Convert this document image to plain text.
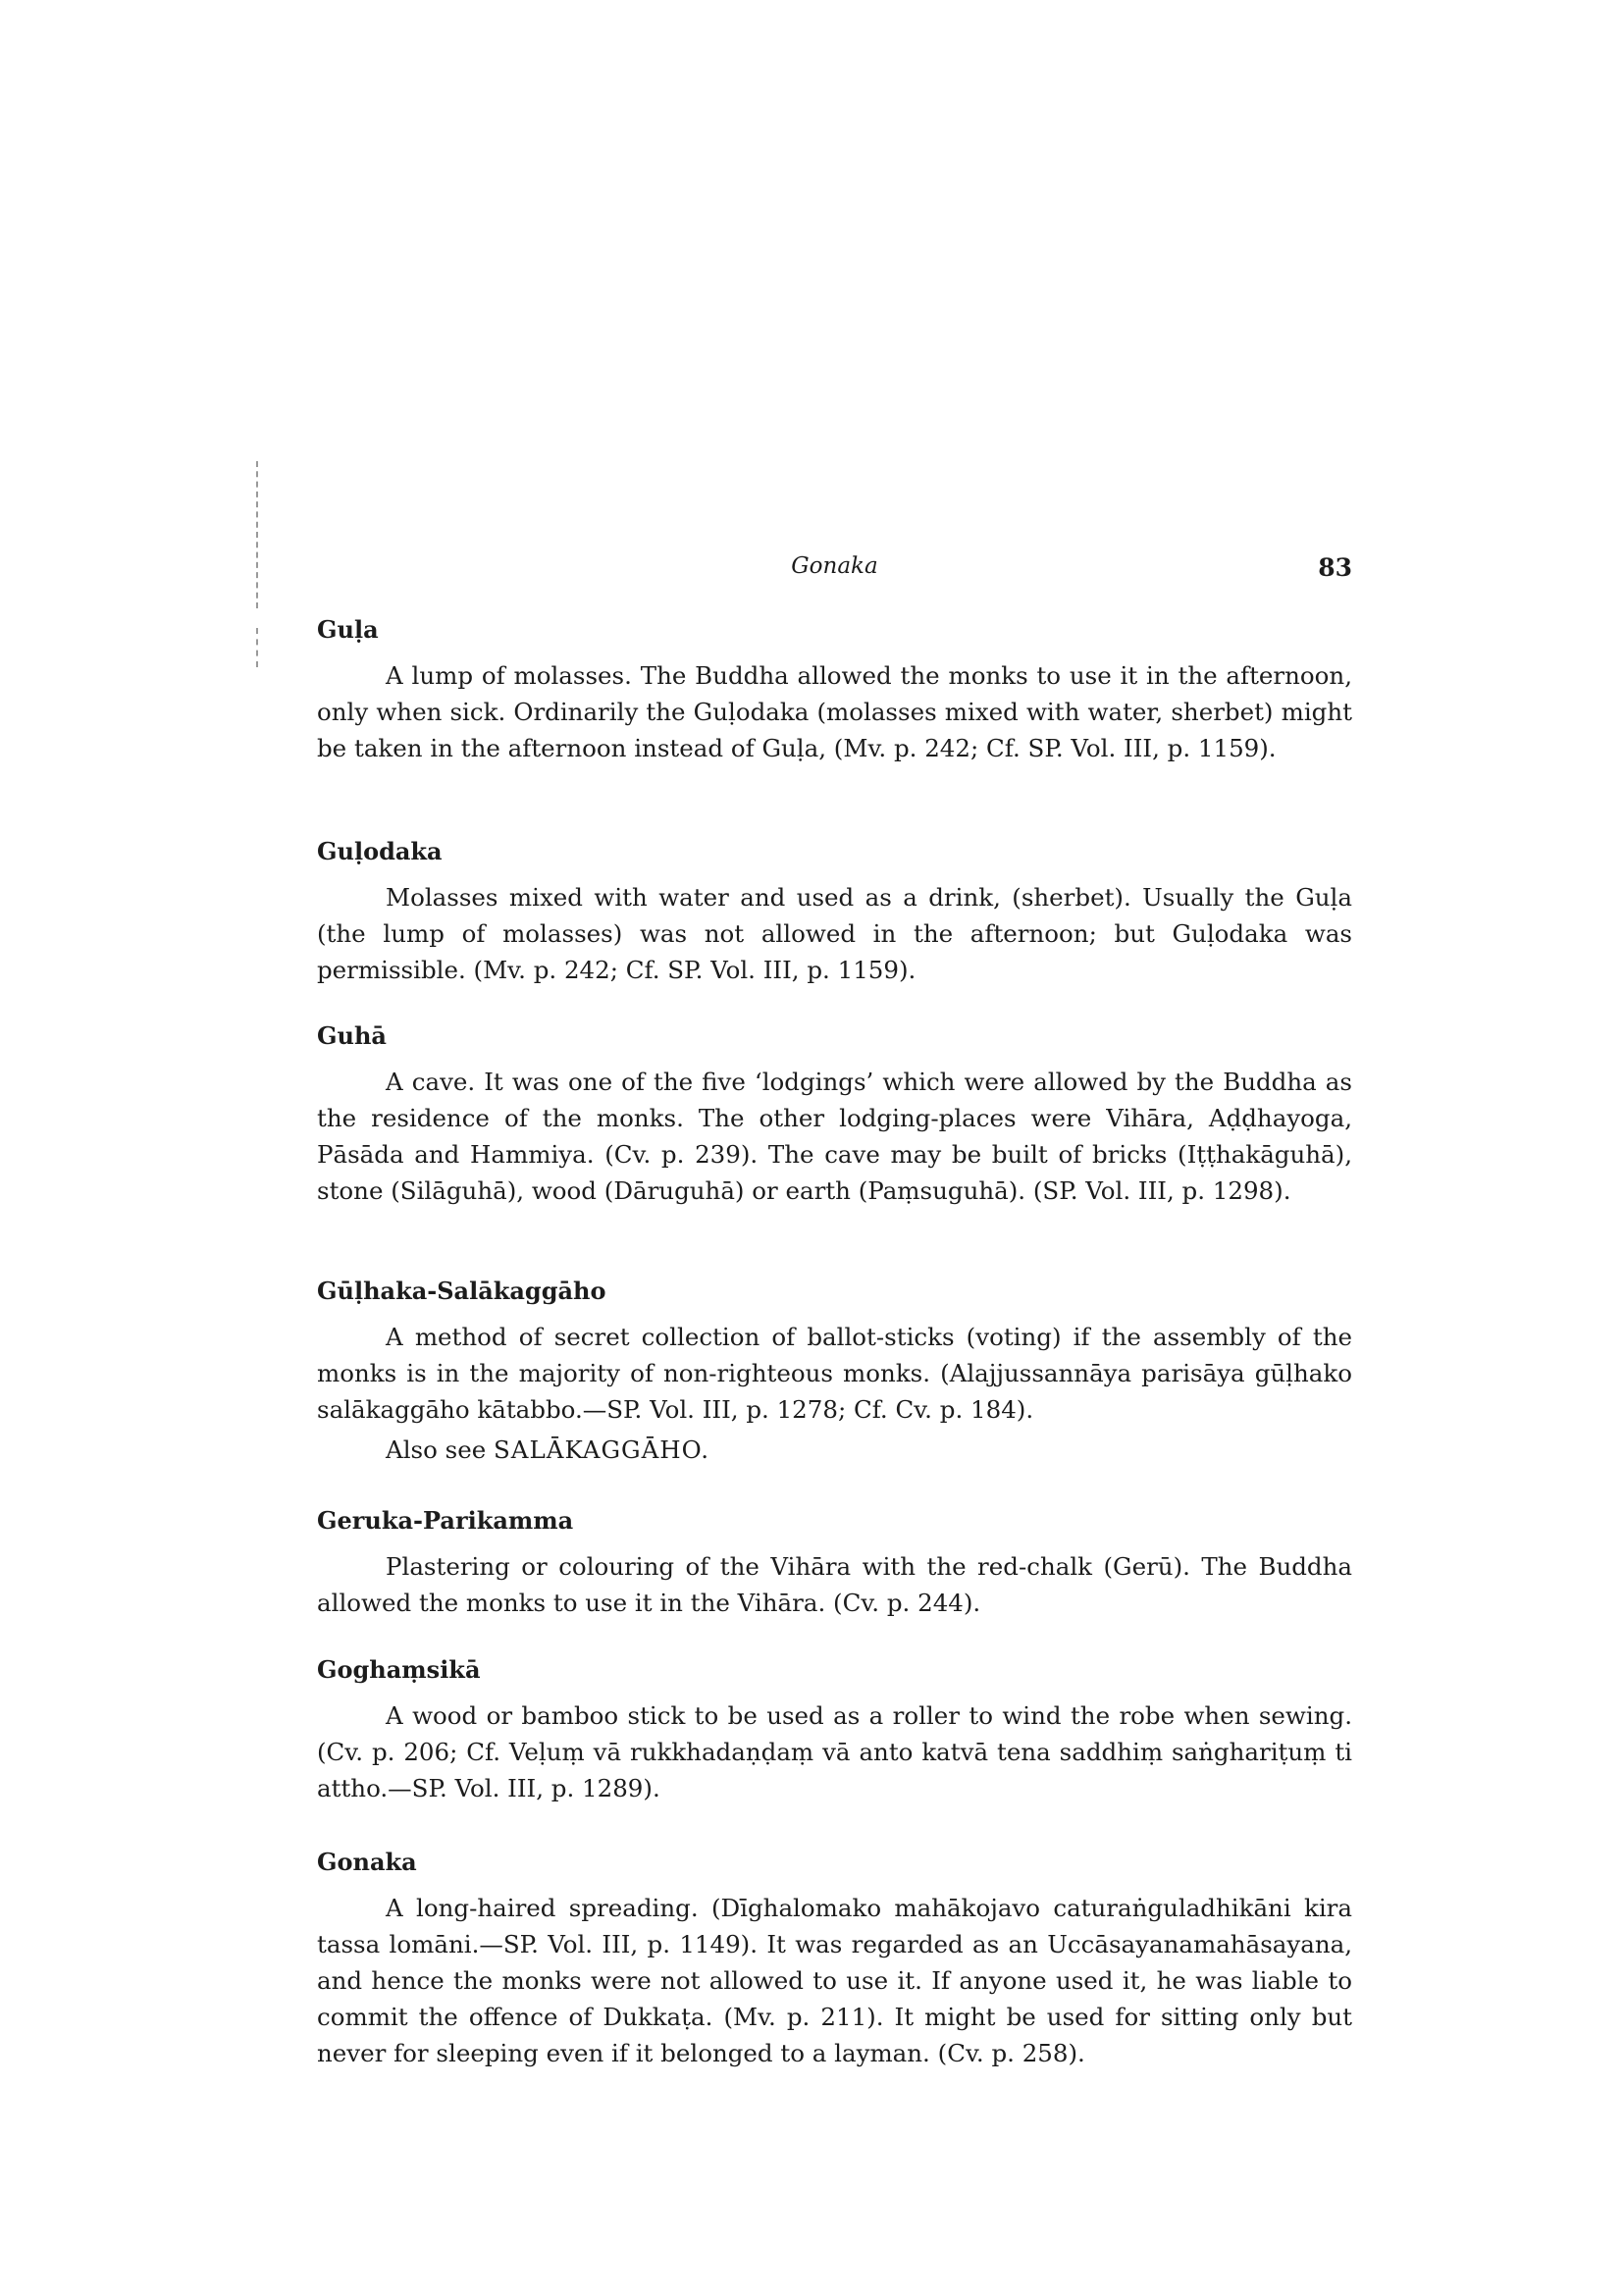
Gonaka	83
Guḷa

A lump of molasses. The Buddha allowed the monks to use it in the afternoon, only when sick. Ordinarily the Guḷodaka (molasses mixed with water, sherbet) might be taken in the afternoon instead of Guḷa, (Mv. p. 242; Cf. SP. Vol. III, p. 1159).

Guḷodaka

Molasses mixed with water and used as a drink, (sherbet). Usually the Guḷa (the lump of molasses) was not allowed in the afternoon; but Guḷodaka was permissible. (Mv. p. 242; Cf. SP. Vol. III, p. 1159).

Guhā

A cave. It was one of the five ‘lodgings’ which were allowed by the Buddha as the residence of the monks. The other lodging-places were Vihāra, Aḍḍhayoga, Pāsāda and Hammiya. (Cv. p. 239). The cave may be built of bricks (Iṭṭhakāguhā), stone (Silāguhā), wood (Dāruguhā) or earth (Paṃsuguhā). (SP. Vol. III, p. 1298).

Gūḷhaka-Salākaggāho

A method of secret collection of ballot-sticks (voting) if the assembly of the monks is in the majority of non-righteous monks. (Alajjussannāya parisāya gūḷhako salākaggāho kātabbo.—SP. Vol. III, p. 1278; Cf. Cv. p. 184).

Also see SALĀKAGGĀHO.

Geruka-Parikamma

Plastering or colouring of the Vihāra with the red-chalk (Gerū). The Buddha allowed the monks to use it in the Vihāra. (Cv. p. 244).

Goghaṃsikā

A wood or bamboo stick to be used as a roller to wind the robe when sewing. (Cv. p. 206; Cf. Veḷuṃ vā rukkhadaṇḍaṃ vā anto katvā tena saddhiṃ saṅghariṭuṃ ti attho.—SP. Vol. III, p. 1289).

Gonaka

A long-haired spreading. (Dīghalomako mahākojavo caturaṅguladhikāni kira tassa lomāni.—SP. Vol. III, p. 1149). It was regarded as an Uccāsayanamahāsayana, and hence the monks were not allowed to use it. If anyone used it, he was liable to commit the offence of Dukkaṭa. (Mv. p. 211). It might be used for sitting only but never for sleeping even if it belonged to a layman. (Cv. p. 258).
